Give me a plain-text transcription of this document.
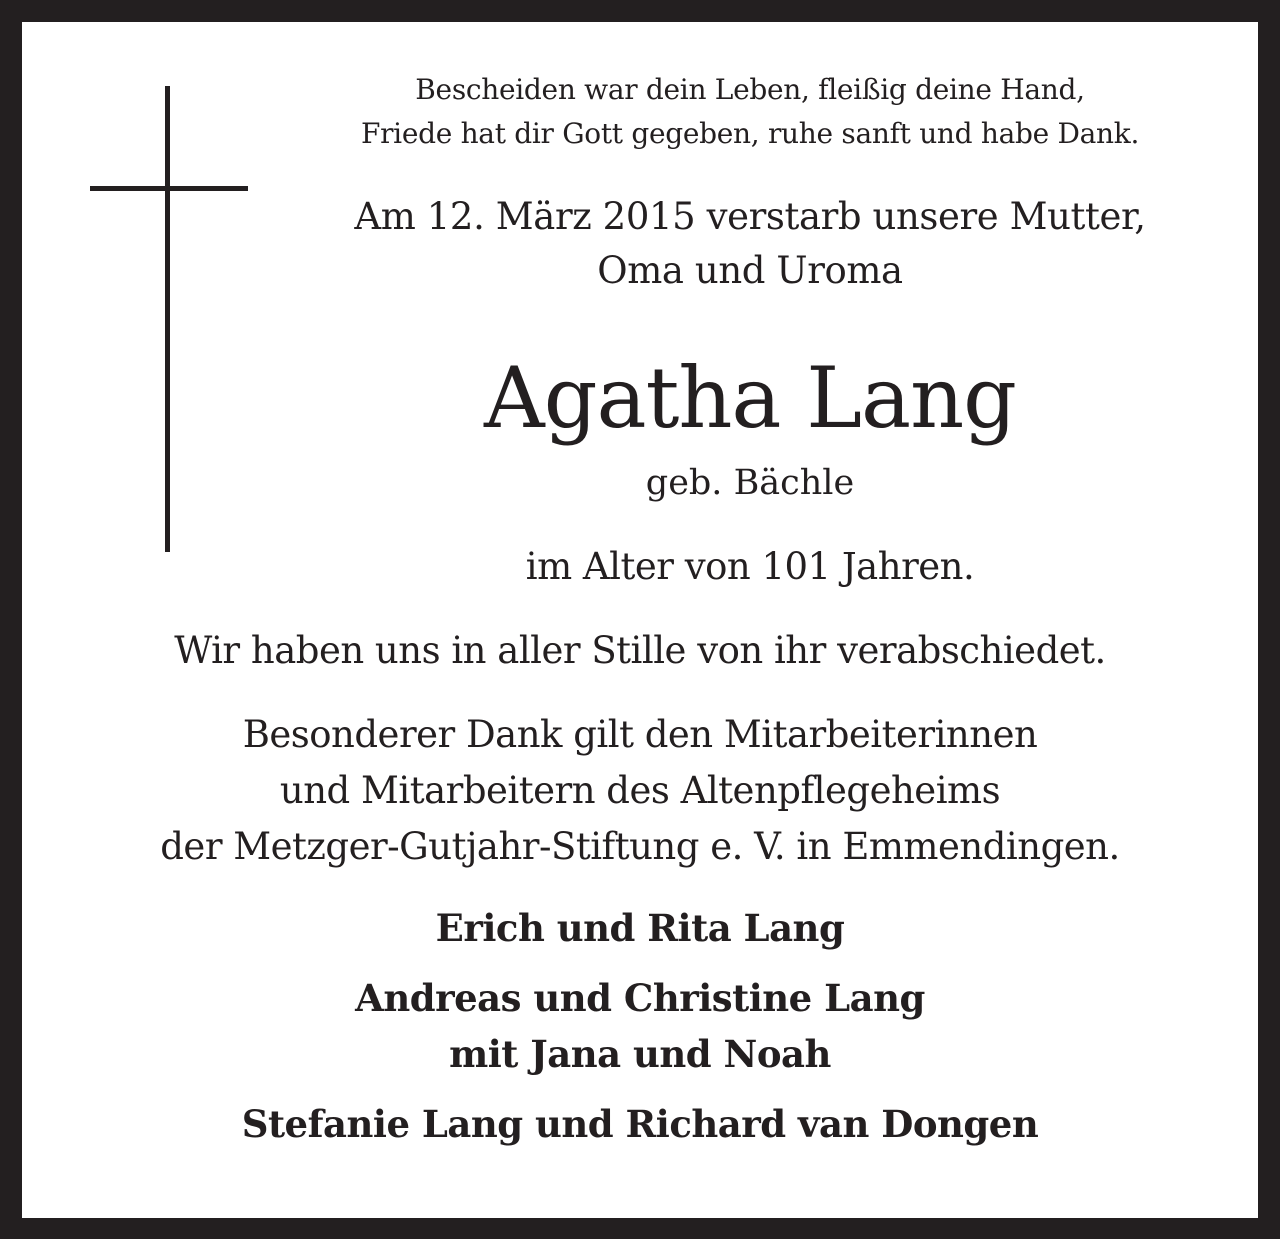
Bescheiden war dein Leben, fleißig deine Hand,
Friede hat dir Gott gegeben, ruhe sanft und habe Dank.
Am 12. März 2015 verstarb unsere Mutter,
Oma und Uroma
Agatha Lang
geb. Bächle
im Alter von 101 Jahren.
Wir haben uns in aller Stille von ihr verabschiedet.
Besonderer Dank gilt den Mitarbeiterinnen
und Mitarbeitern des Altenpflegeheims
der Metzger-Gutjahr-Stiftung e. V. in Emmendingen.
Erich und Rita Lang
Andreas und Christine Lang
mit Jana und Noah
Stefanie Lang und Richard van Dongen
